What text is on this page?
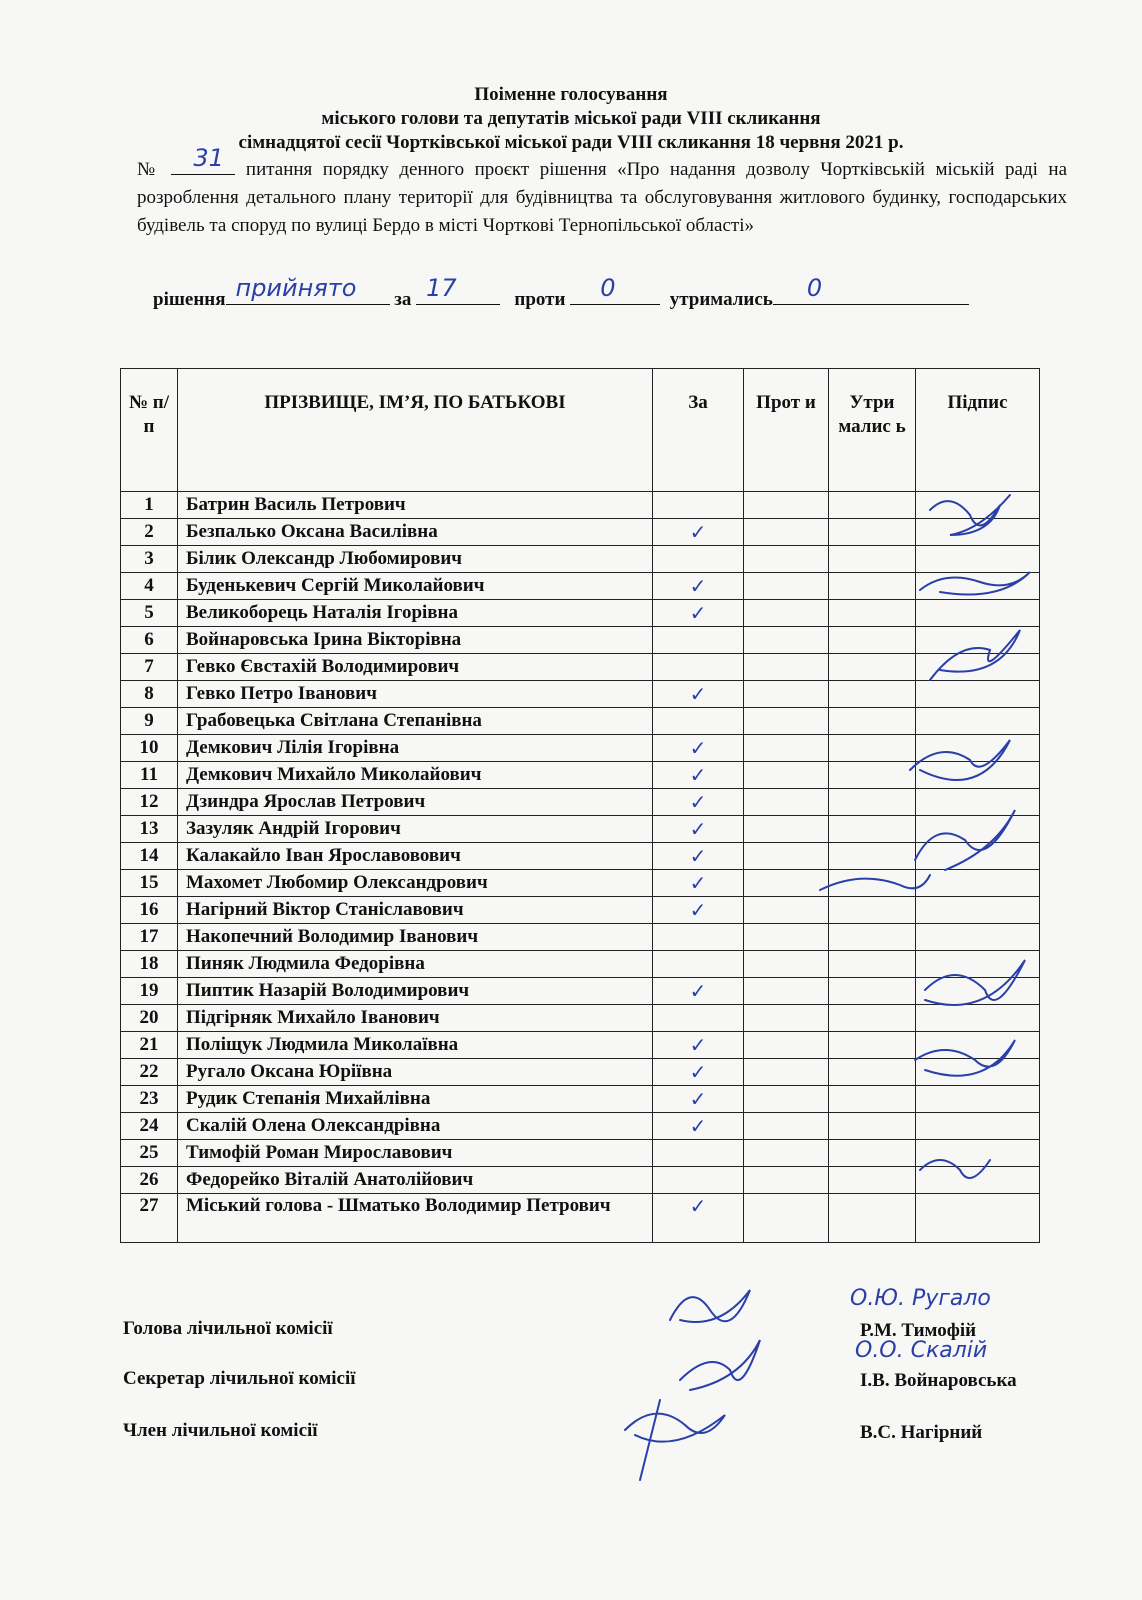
Поіменне голосування
міського голови та депутатів міської ради VIII скликання
сімнадцятої сесії Чортківської міської ради VIII скликання 18 червня 2021 р.
№ 31 питання порядку денного проєкт рішення «Про надання дозволу Чортківській міській раді на розроблення детального плану території для будівництва та обслуговування житлового будинку, господарських будівель та споруд по вулиці Бердо в місті Чорткові Тернопільської області»
рішення прийнято за 17	проти 0	утримались 0
№ п/п	ПРІЗВИЩЕ, ІМ’Я, ПО БАТЬКОВІ	За	Прот и	Утри малис ь	Підпис
1	Батрин Василь Петрович				
2	Безпалько Оксана Василівна	✓			
3	Білик Олександр Любомирович				
4	Буденькевич Сергій Миколайович	✓			
5	Великоборець Наталія Ігорівна	✓			
6	Войнаровська Ірина Вікторівна				
7	Гевко Євстахій Володимирович				
8	Гевко Петро Іванович	✓			
9	Грабовецька Світлана Степанівна				
10	Демкович Лілія Ігорівна	✓			
11	Демкович Михайло Миколайович	✓			
12	Дзиндра Ярослав Петрович	✓			
13	Зазуляк Андрій Ігорович	✓			
14	Калакайло Іван Ярославовович	✓			
15	Махомет Любомир Олександрович	✓			
16	Нагірний Віктор Станіславович	✓			
17	Накопечний Володимир Іванович				
18	Пиняк Людмила Федорівна				
19	Пиптик Назарій Володимирович	✓			
20	Підгірняк Михайло Іванович				
21	Поліщук Людмила Миколаївна	✓			
22	Ругало Оксана Юріївна	✓			
23	Рудик Степанія Михайлівна	✓			
24	Скалій Олена Олександрівна	✓			
25	Тимофій Роман Мирославович				
26	Федорейко Віталій Анатолійович				
27	Міський голова - Шматько Володимир Петрович	✓			
Голова лічильної комісії	Р.М. Тимофій
Секретар лічильної комісії	І.В. Войнаровська
Член лічильної комісії	В.С. Нагірний
О.Ю. Ругало
О.О. Скалій
